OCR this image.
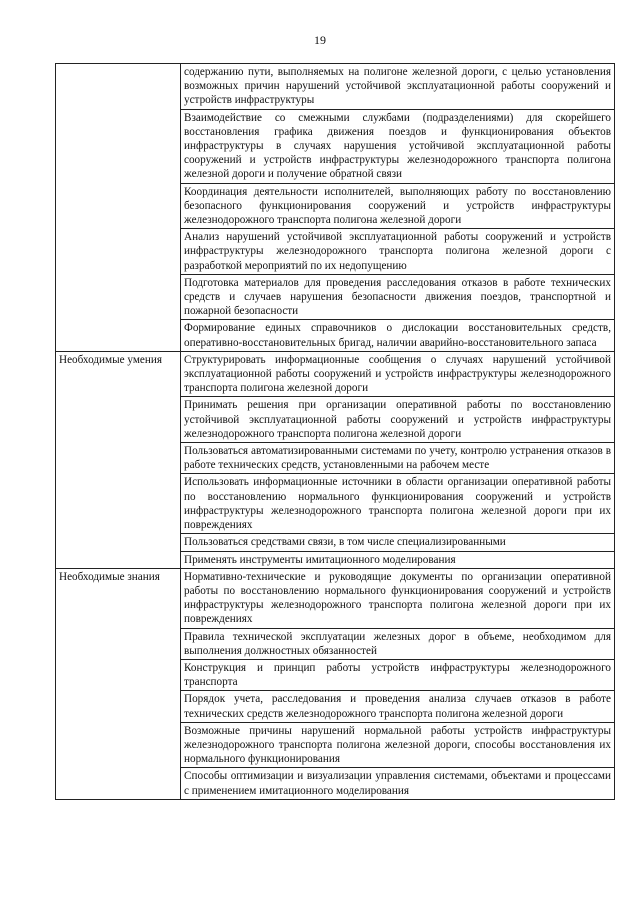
19
	содержанию пути, выполняемых на полигоне железной дороги, с целью установления возможных причин нарушений устойчивой эксплуатационной работы сооружений и устройств инфраструктуры
	Взаимодействие со смежными службами (подразделениями) для скорейшего восстановления графика движения поездов и функционирования объектов инфраструктуры в случаях нарушения устойчивой эксплуатационной работы сооружений и устройств инфраструктуры железнодорожного транспорта полигона железной дороги и получение обратной связи
	Координация деятельности исполнителей, выполняющих работу по восстановлению безопасного функционирования сооружений и устройств инфраструктуры железнодорожного транспорта полигона железной дороги
	Анализ нарушений устойчивой эксплуатационной работы сооружений и устройств инфраструктуры железнодорожного транспорта полигона железной дороги с разработкой мероприятий по их недопущению
	Подготовка материалов для проведения расследования отказов в работе технических средств и случаев нарушения безопасности движения поездов, транспортной и пожарной безопасности
	Формирование единых справочников о дислокации восстановительных средств, оперативно-восстановительных бригад, наличии аварийно-восстановительного запаса
Необходимые умения	Структурировать информационные сообщения о случаях нарушений устойчивой эксплуатационной работы сооружений и устройств инфраструктуры железнодорожного транспорта полигона железной дороги
	Принимать решения при организации оперативной работы по восстановлению устойчивой эксплуатационной работы сооружений и устройств инфраструктуры железнодорожного транспорта полигона железной дороги
	Пользоваться автоматизированными системами по учету, контролю устранения отказов в работе технических средств, установленными на рабочем месте
	Использовать информационные источники в области организации оперативной работы по восстановлению нормального функционирования сооружений и устройств инфраструктуры железнодорожного транспорта полигона железной дороги при их повреждениях
	Пользоваться средствами связи, в том числе специализированными
	Применять инструменты имитационного моделирования
Необходимые знания	Нормативно-технические и руководящие документы по организации оперативной работы по восстановлению нормального функционирования сооружений и устройств инфраструктуры железнодорожного транспорта полигона железной дороги при их повреждениях
	Правила технической эксплуатации железных дорог в объеме, необходимом для выполнения должностных обязанностей
	Конструкция и принцип работы устройств инфраструктуры железнодорожного транспорта
	Порядок учета, расследования и проведения анализа случаев отказов в работе технических средств железнодорожного транспорта полигона железной дороги
	Возможные причины нарушений нормальной работы устройств инфраструктуры железнодорожного транспорта полигона железной дороги, способы восстановления их нормального функционирования
	Способы оптимизации и визуализации управления системами, объектами и процессами с применением имитационного моделирования
